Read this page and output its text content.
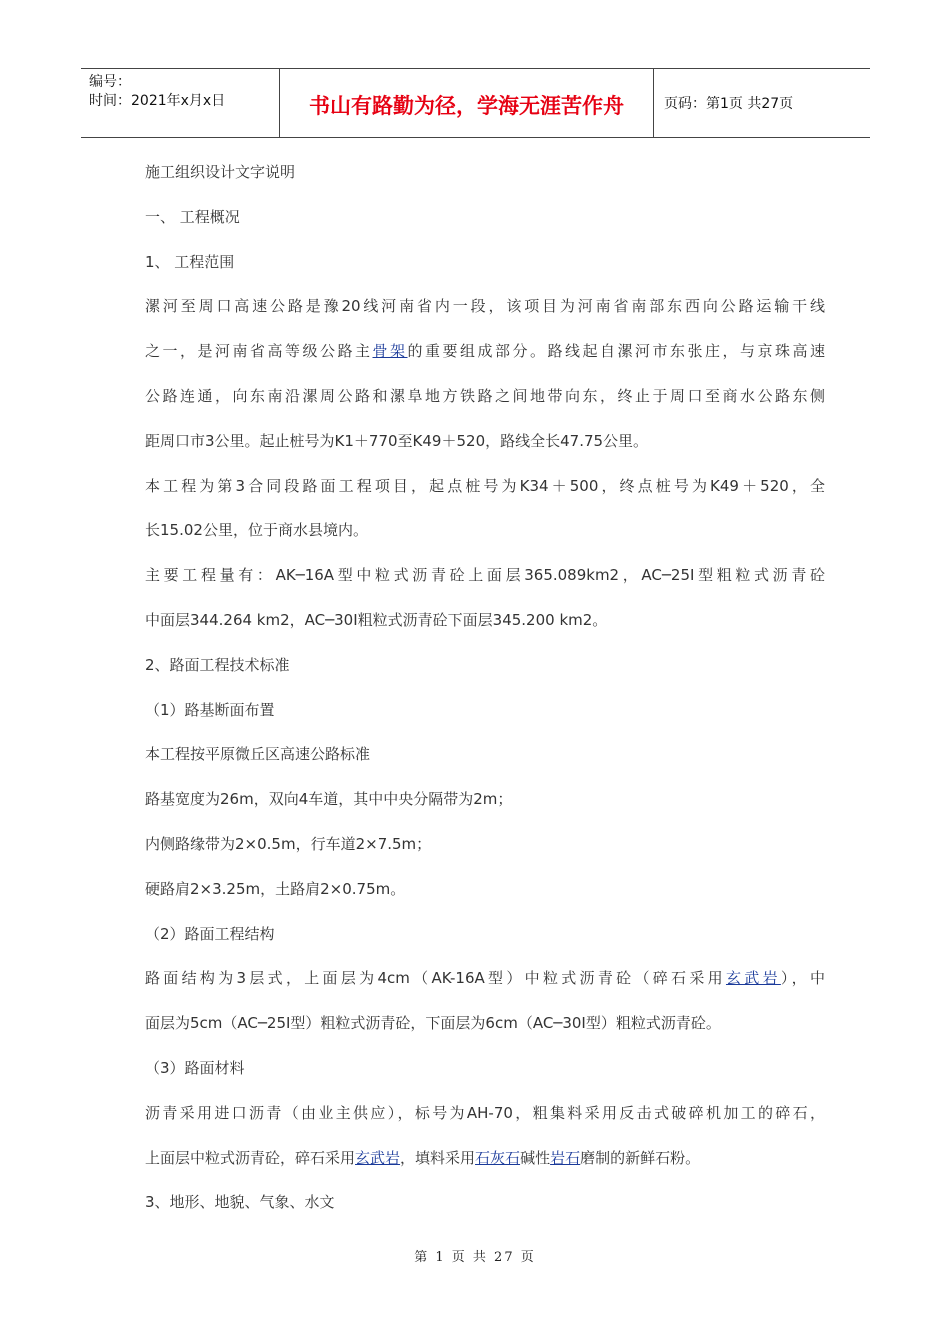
编号：
时间：2021年x月x日	书山有路勤为径，学海无涯苦作舟	页码：第1页 共27页
施工组织设计文字说明
一、 工程概况
1、 工程范围
漯河至周口高速公路是豫20线河南省内一段，该项目为河南省南部东西向公路运输干线
之一，是河南省高等级公路主骨架的重要组成部分。路线起自漯河市东张庄，与京珠高速
公路连通，向东南沿漯周公路和漯阜地方铁路之间地带向东，终止于周口至商水公路东侧
距周口市3公里。起止桩号为K1＋770至K49＋520，路线全长47.75公里。
本工程为第3合同段路面工程项目，起点桩号为K34＋500，终点桩号为K49＋520，全
长15.02公里，位于商水县境内。
主要工程量有：AK─16A型中粒式沥青砼上面层365.089km2，AC─25I型粗粒式沥青砼
中面层344.264 km2，AC─30I粗粒式沥青砼下面层345.200 km2。
2、路面工程技术标准
（1）路基断面布置
本工程按平原微丘区高速公路标准
路基宽度为26m，双向4车道，其中中央分隔带为2m；
内侧路缘带为2×0.5m，行车道2×7.5m；
硬路肩2×3.25m，土路肩2×0.75m。
（2）路面工程结构
路面结构为3层式，上面层为4cm（AK-16A型）中粒式沥青砼（碎石采用玄武岩），中
面层为5cm（AC─25I型）粗粒式沥青砼，下面层为6cm（AC─30I型）粗粒式沥青砼。
（3）路面材料
沥青采用进口沥青（由业主供应），标号为AH-70，粗集料采用反击式破碎机加工的碎石，
上面层中粒式沥青砼，碎石采用玄武岩，填料采用石灰石碱性岩石磨制的新鲜石粉。
3、地形、地貌、气象、水文
第 1 页 共 27 页
